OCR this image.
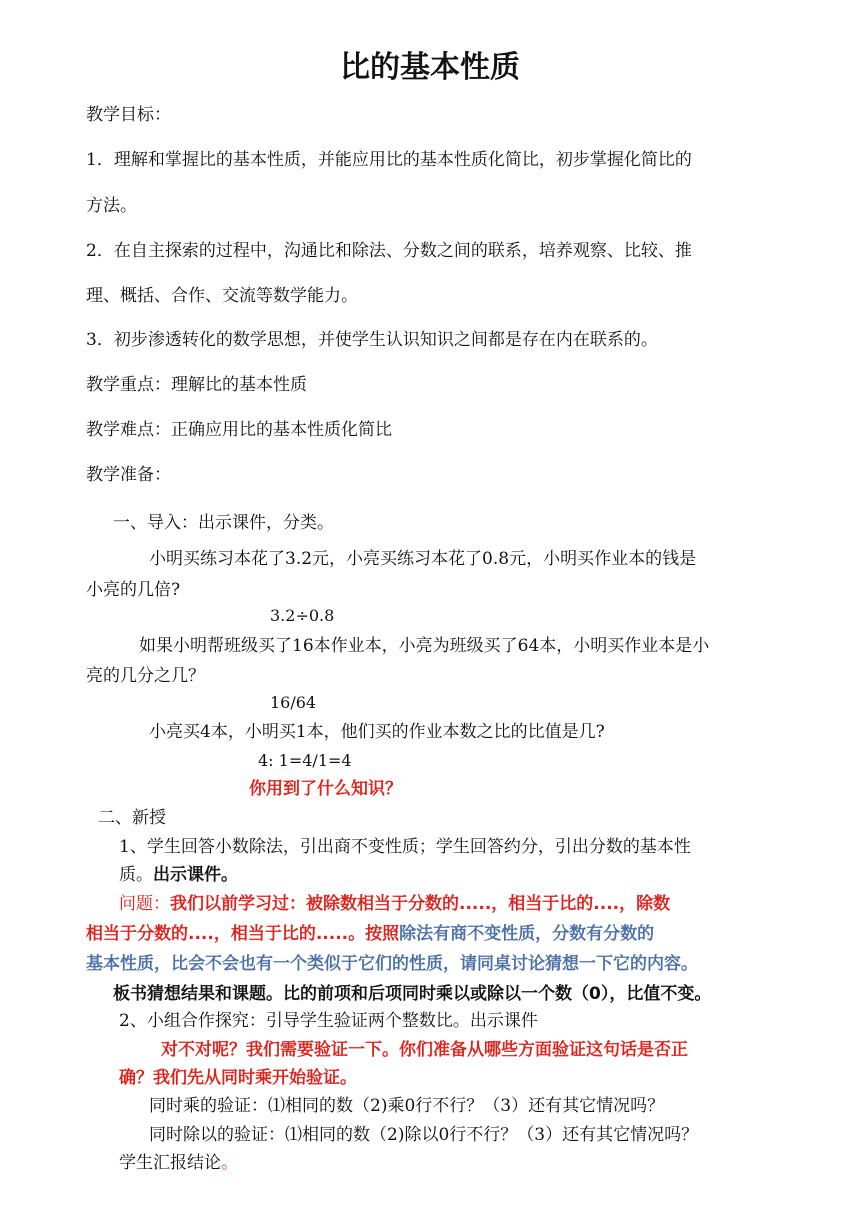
比的基本性质
教学目标：
1．理解和掌握比的基本性质，并能应用比的基本性质化简比，初步掌握化简比的
方法。
2．在自主探索的过程中，沟通比和除法、分数之间的联系，培养观察、比较、推
理、概括、合作、交流等数学能力。
3．初步渗透转化的数学思想，并使学生认识知识之间都是存在内在联系的。
教学重点：理解比的基本性质
教学难点：正确应用比的基本性质化简比
教学准备：
一、导入：出示课件，分类。
小明买练习本花了3.2元，小亮买练习本花了0.8元，小明买作业本的钱是
小亮的几倍?
3.2÷0.8
如果小明帮班级买了16本作业本，小亮为班级买了64本，小明买作业本是小
亮的几分之几？
16/64
小亮买4本，小明买1本，他们买的作业本数之比的比值是几?
4: 1=4/1=4
你用到了什么知识？
二、新授
1、学生回答小数除法，引出商不变性质；学生回答约分，引出分数的基本性
质。出示课件。
问题：我们以前学习过：被除数相当于分数的.....，相当于比的....，除数
相当于分数的....，相当于比的.....。按照除法有商不变性质，分数有分数的
基本性质，比会不会也有一个类似于它们的性质，请同桌讨论猜想一下它的内容。
板书猜想结果和课题。比的前项和后项同时乘以或除以一个数（0），比值不变。
2、小组合作探究：引导学生验证两个整数比。出示课件
对不对呢？我们需要验证一下。你们准备从哪些方面验证这句话是否正
确？我们先从同时乘开始验证。
同时乘的验证：⑴相同的数（2)乘0行不行？（3）还有其它情况吗？
同时除以的验证：⑴相同的数（2)除以0行不行？（3）还有其它情况吗？
学生汇报结论。
